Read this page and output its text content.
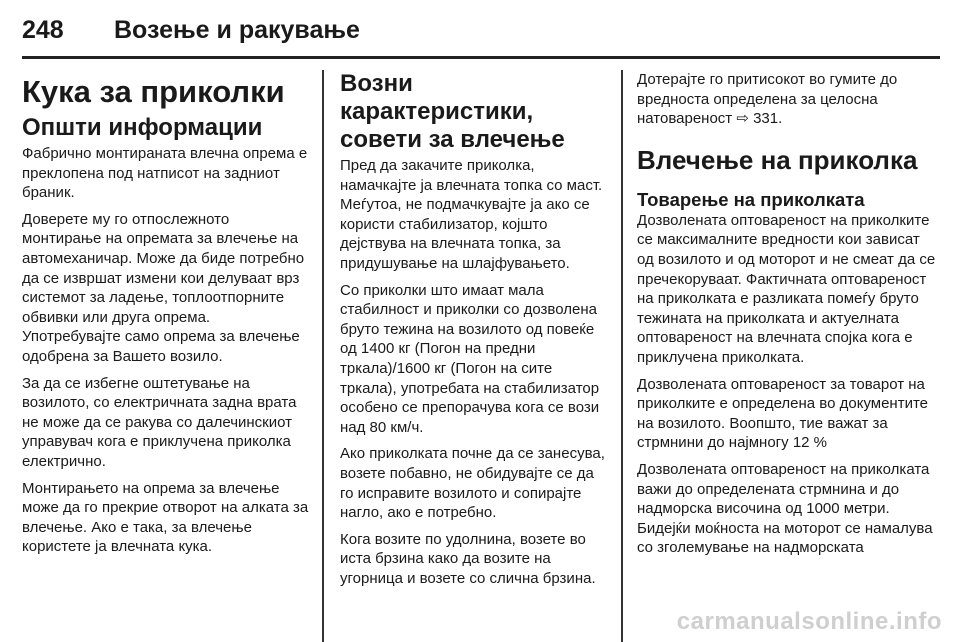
248	Возење и ракување
Кука за приколки
Општи информации

Фабрично монтираната влечна опрема е преклопена под натписот на задниот браник.

Доверете му го отпослежното монтирање на опремата за влечење на автомеханичар. Може да биде потребно да се извршат измени кои делуваат врз системот за ладење, топлоотпорните обвивки или друга опрема. Употребувајте само опрема за влечење одобрена за Вашето возило.

За да се избегне оштетување на возилото, со електричната задна врата не може да се ракува со далечинскиот управувач кога е приклучена приколка електрично.

Монтирањето на опрема за влечење може да го прекрие отворот на алката за влечење. Ако е така, за влечење користете ја влечната кука.

Возни карактеристики, совети за влечење

Пред да закачите приколка, намачкајте ја влечната топка со маст. Меѓутоа, не подмачкувајте ја ако се користи стабилизатор, којшто дејствува на влечната топка, за придушување на шлајфувањето.

Со приколки што имаат мала стабилност и приколки со дозволена бруто тежина на возилото од повеќе од 1400 кг (Погон на предни тркала)/1600 кг (Погон на сите тркала), употребата на стабилизатор особено се препорачува кога се вози над 80 км/ч.

Ако приколката почне да се занесува, возете побавно, не обидувајте се да го исправите возилото и сопирајте нагло, ако е потребно.

Кога возите по удолнина, возете во иста брзина како да возите на угорница и возете со слична брзина.

Дотерајте го притисокот во гумите до вредноста определена за целосна натовареност ⇨ 331.

Влечење на приколка
Товарење на приколката

Дозволената оптовареност на приколките се максималните вредности кои зависат од возилото и од моторот и не смеат да се пречекоруваат. Фактичната оптовареност на приколката е разликата помеѓу бруто тежината на приколката и актуелната оптовареност на влечната спојка кога е приклучена приколката.

Дозволената оптовареност за товарот на приколките е определена во документите на возилото. Воопшто, тие важат за стрмнини до најмногу 12 %

Дозволената оптовареност на приколката важи до определената стрмнина и до надморска височина од 1000 метри. Бидејќи моќноста на моторот се намалува со зголемување на надморската

carmanualsonline.info
